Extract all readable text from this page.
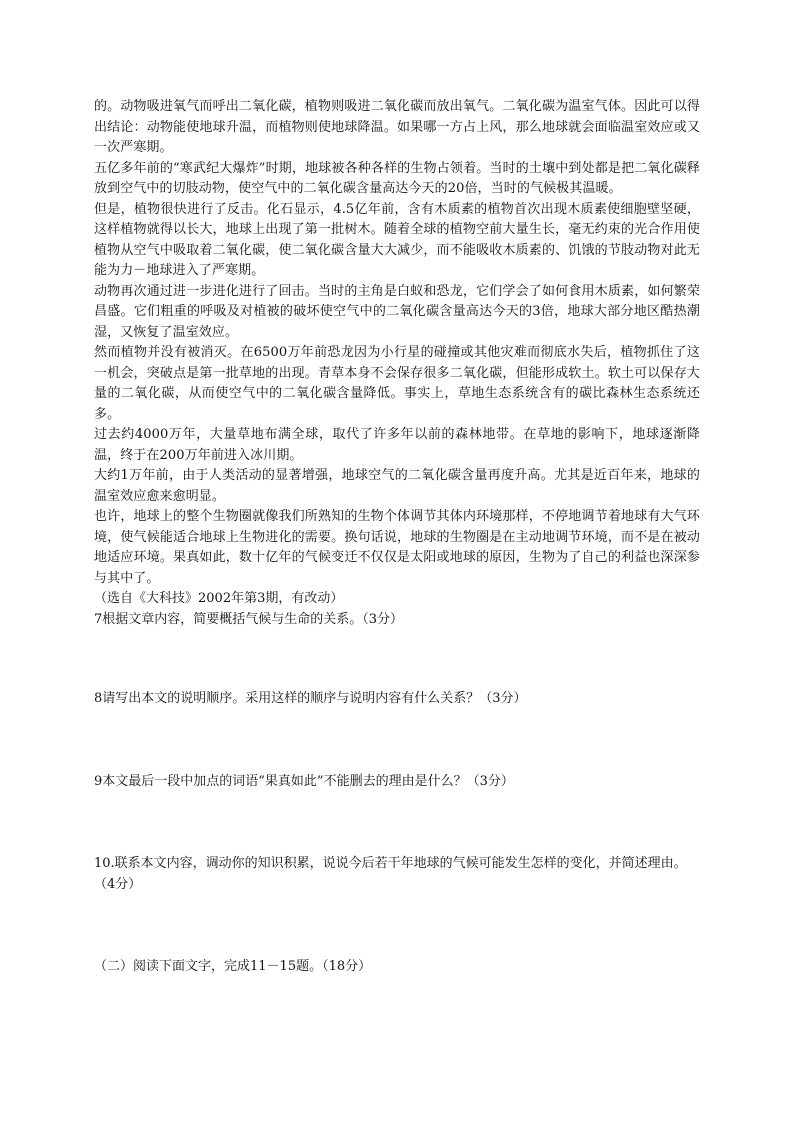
的。动物吸进氧气而呼出二氧化碳，植物则吸进二氧化碳而放出氧气。二氧化碳为温室气体。因此可以得出结论：动物能使地球升温，而植物则使地球降温。如果哪一方占上风，那么地球就会面临温室效应或又一次严寒期。

五亿多年前的“寒武纪大爆炸”时期，地球被各种各样的生物占领着。当时的土壤中到处都是把二氧化碳释放到空气中的切肢动物，使空气中的二氧化碳含量高达今天的20倍，当时的气候极其温暖。

但是，植物很快进行了反击。化石显示，4.5亿年前，含有木质素的植物首次出现木质素使细胞壁坚硬，这样植物就得以长大，地球上出现了第一批树木。随着全球的植物空前大量生长，毫无约束的光合作用使植物从空气中吸取着二氧化碳，使二氧化碳含量大大减少，而不能吸收木质素的、饥饿的节肢动物对此无能为力－地球进入了严寒期。

动物再次通过进一步进化进行了回击。当时的主角是白蚁和恐龙，它们学会了如何食用木质素，如何繁荣昌盛。它们粗重的呼吸及对植被的破坏使空气中的二氧化碳含量高达今天的3倍，地球大部分地区酷热潮湿，又恢复了温室效应。

然而植物并没有被消灭。在6500万年前恐龙因为小行星的碰撞或其他灾难而彻底水失后，植物抓住了这一机会，突破点是第一批草地的出现。青草本身不会保存很多二氧化碳，但能形成软土。软土可以保存大量的二氧化碳，从而使空气中的二氧化碳含量降低。事实上，草地生态系统含有的碳比森林生态系统还多。

过去约4000万年，大量草地布满全球，取代了许多年以前的森林地带。在草地的影响下，地球逐渐降温，终于在200万年前进入冰川期。

大约1万年前，由于人类活动的显著增强，地球空气的二氧化碳含量再度升高。尤其是近百年来，地球的温室效应愈来愈明显。

也许，地球上的整个生物圈就像我们所熟知的生物个体调节其体内环境那样，不停地调节着地球有大气环境，使气候能适合地球上生物进化的需要。换句话说，地球的生物圈是在主动地调节环境，而不是在被动地适应环境。果真如此，数十亿年的气候变迁不仅仅是太阳或地球的原因，生物为了自己的利益也深深参与其中了。

（选自《大科技》2002年第3期，有改动）

7根据文章内容，简要概括气候与生命的关系。（3分）

8请写出本文的说明顺序。采用这样的顺序与说明内容有什么关系？（3分）

9本文最后一段中加点的词语“果真如此”不能删去的理由是什么？（3分）

10.联系本文内容，调动你的知识积累，说说今后若干年地球的气候可能发生怎样的变化，并简述理由。（4分）

（二）阅读下面文字，完成11－15题。（18分）
